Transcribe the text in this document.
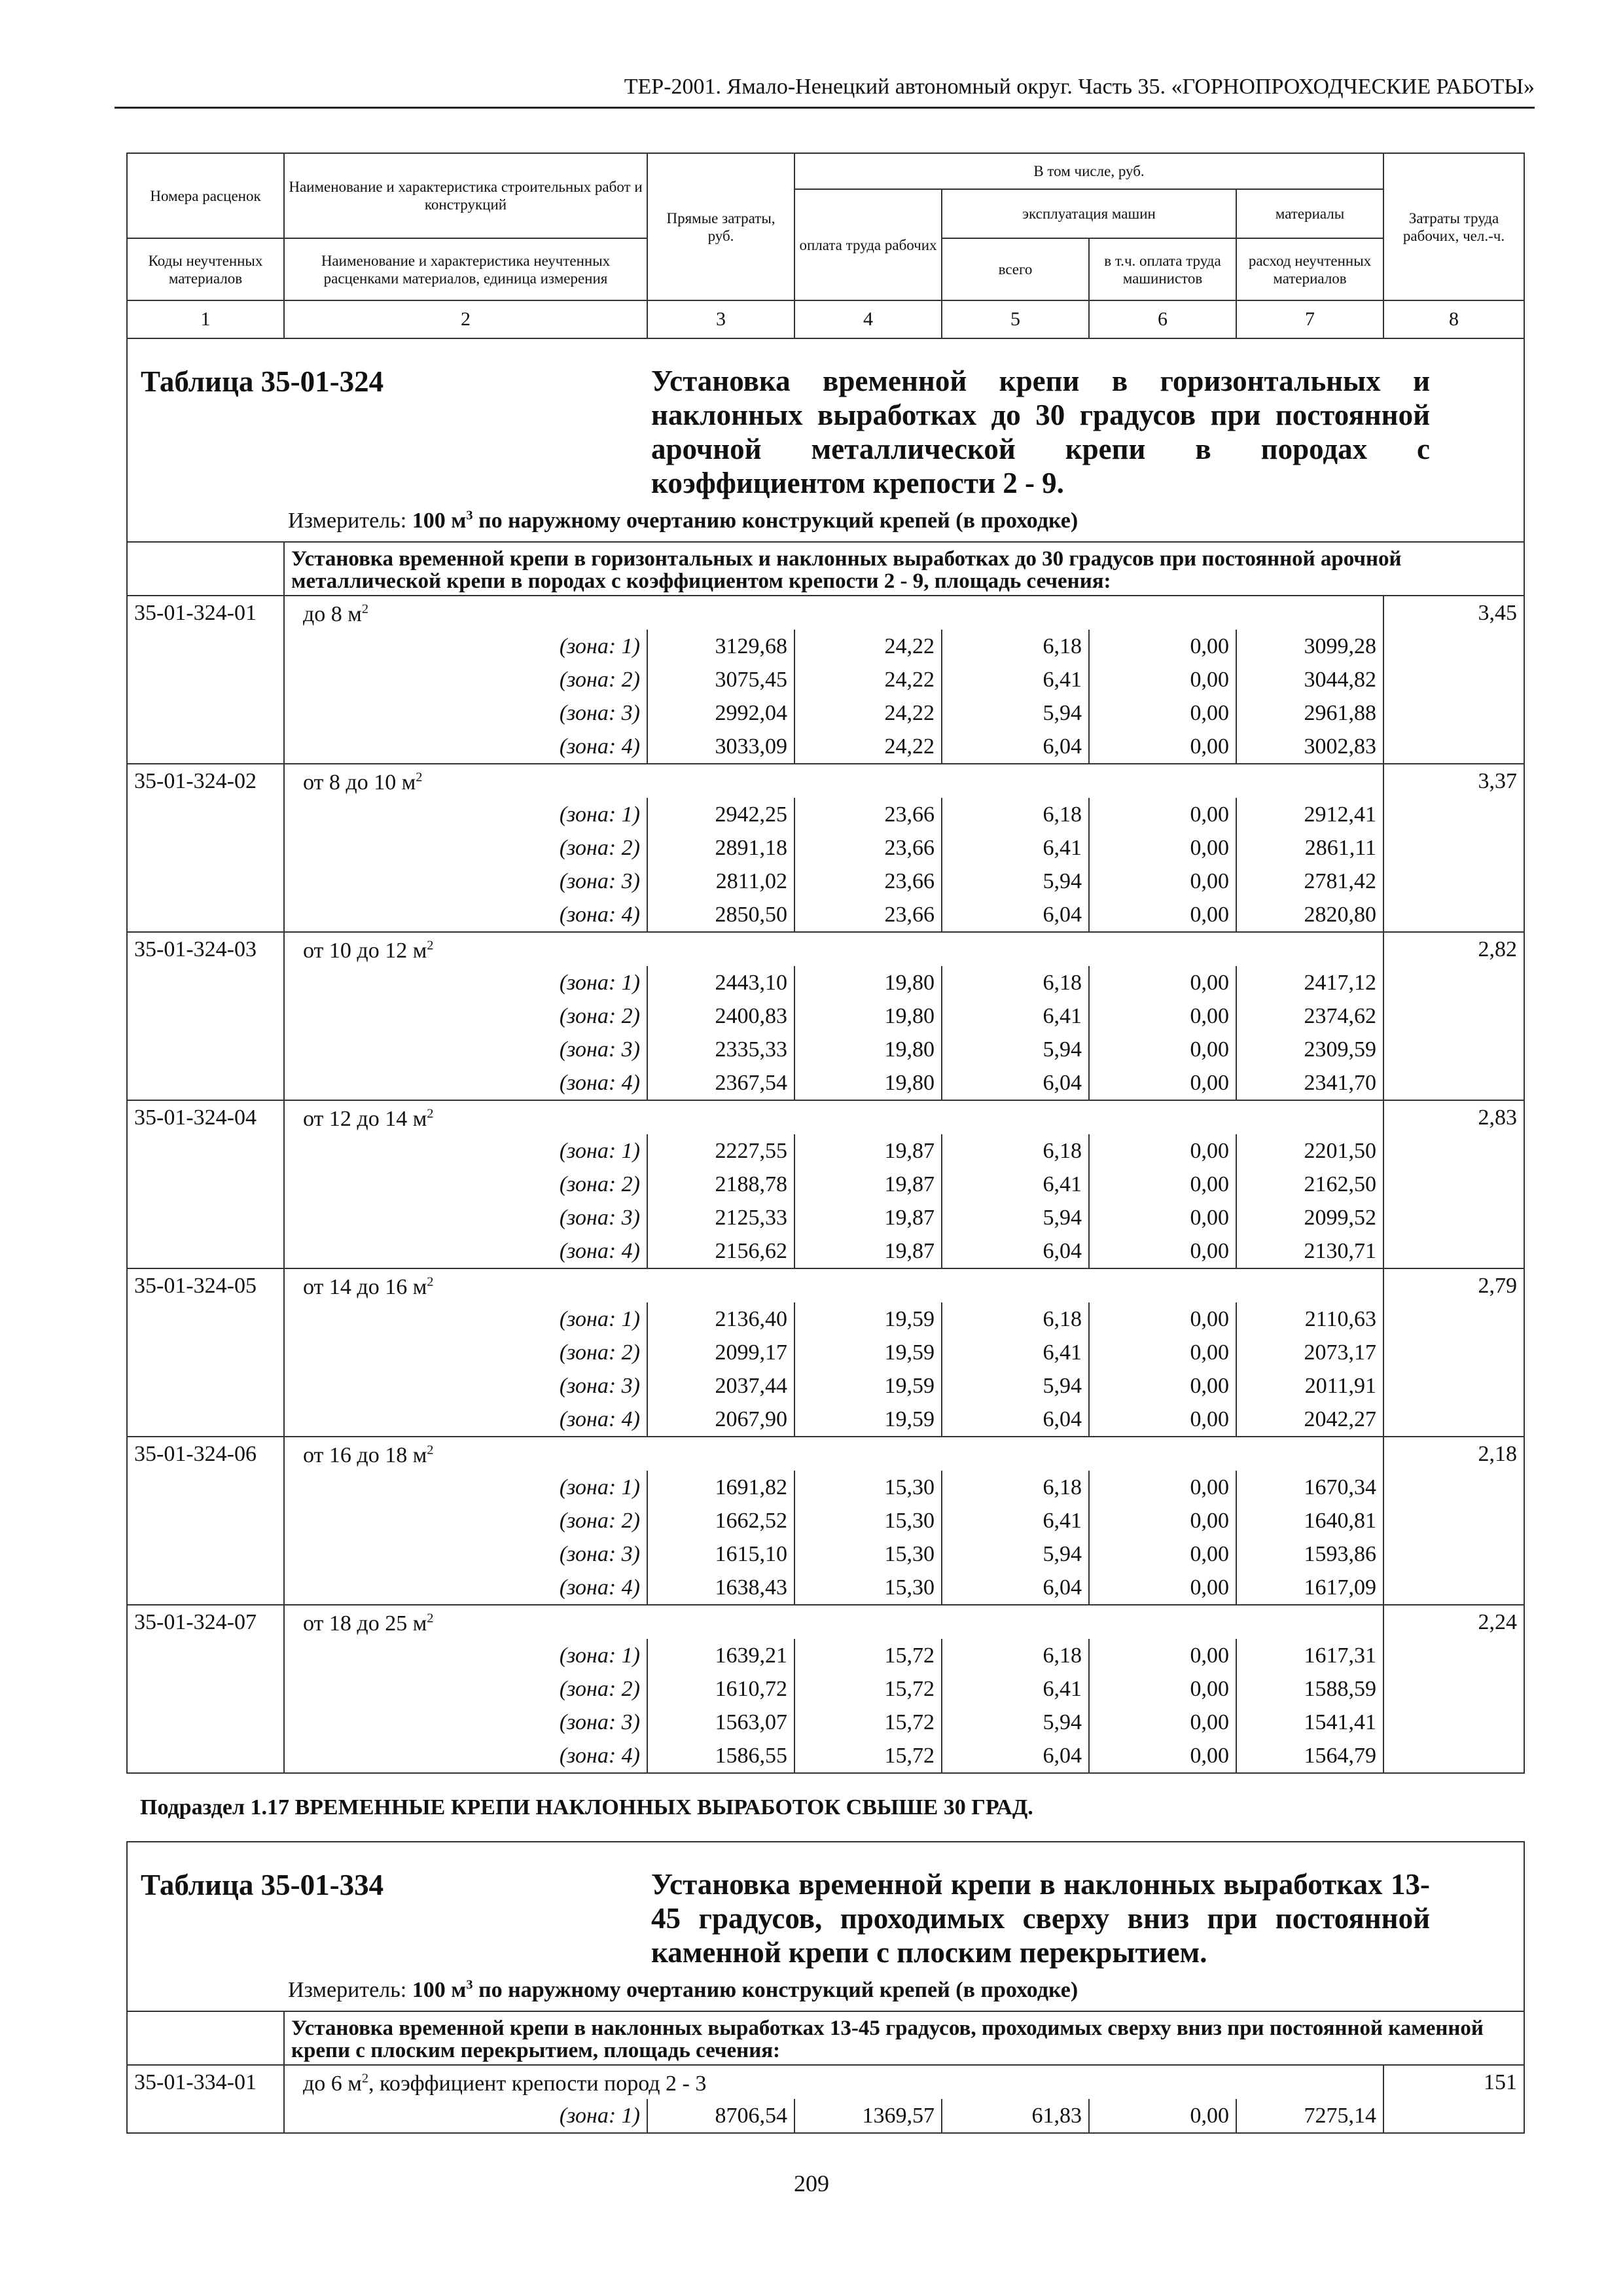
ТЕР-2001. Ямало-Ненецкий автономный округ. Часть 35. «ГОРНОПРОХОДЧЕСКИЕ РАБОТЫ»
Номера расценок	Наименование и характеристика строительных работ и конструкций	Прямые затраты, руб.	В том числе, руб.				Затраты труда рабочих, чел.-ч.
			оплата труда рабочих	эксплуатация машин		материалы	
Коды неучтенных материалов	Наименование и характеристика неучтенных расценками материалов, единица измерения			всего	в т.ч. оплата труда машинистов	расход неучтенных материалов	
1	2	3	4	5	6	7	8

Таблица 35-01-324 Установка временной крепи в горизонтальных и наклонных выработках до 30 градусов при постоянной арочной металлической крепи в породах с коэффициентом крепости 2 - 9.
Измеритель: 100 $м^3$ по наружному очертанию конструкций крепей (в проходке)							

	Установка временной крепи в горизонтальных и наклонных выработках до 30 градусов при постоянной арочной металлической крепи в породах с коэффициентом крепости 2 - 9, площадь сечения:						
35-01-324-01	до 8 $м^2$						3,45
	(зона: 1)	3129,68	24,22	6,18	0,00	3099,28	
	(зона: 2)	3075,45	24,22	6,41	0,00	3044,82	
	(зона: 3)	2992,04	24,22	5,94	0,00	2961,88	
	(зона: 4)	3033,09	24,22	6,04	0,00	3002,83	
35-01-324-02	от 8 до 10 $м^2$						3,37
	(зона: 1)	2942,25	23,66	6,18	0,00	2912,41	
	(зона: 2)	2891,18	23,66	6,41	0,00	2861,11	
	(зона: 3)	2811,02	23,66	5,94	0,00	2781,42	
	(зона: 4)	2850,50	23,66	6,04	0,00	2820,80	
35-01-324-03	от 10 до 12 $м^2$						2,82
	(зона: 1)	2443,10	19,80	6,18	0,00	2417,12	
	(зона: 2)	2400,83	19,80	6,41	0,00	2374,62	
	(зона: 3)	2335,33	19,80	5,94	0,00	2309,59	
	(зона: 4)	2367,54	19,80	6,04	0,00	2341,70	
35-01-324-04	от 12 до 14 $м^2$						2,83
	(зона: 1)	2227,55	19,87	6,18	0,00	2201,50	
	(зона: 2)	2188,78	19,87	6,41	0,00	2162,50	
	(зона: 3)	2125,33	19,87	5,94	0,00	2099,52	
	(зона: 4)	2156,62	19,87	6,04	0,00	2130,71	
35-01-324-05	от 14 до 16 $м^2$						2,79
	(зона: 1)	2136,40	19,59	6,18	0,00	2110,63	
	(зона: 2)	2099,17	19,59	6,41	0,00	2073,17	
	(зона: 3)	2037,44	19,59	5,94	0,00	2011,91	
	(зона: 4)	2067,90	19,59	6,04	0,00	2042,27	
35-01-324-06	от 16 до 18 $м^2$						2,18
	(зона: 1)	1691,82	15,30	6,18	0,00	1670,34	
	(зона: 2)	1662,52	15,30	6,41	0,00	1640,81	
	(зона: 3)	1615,10	15,30	5,94	0,00	1593,86	
	(зона: 4)	1638,43	15,30	6,04	0,00	1617,09	
35-01-324-07	от 18 до 25 $м^2$						2,24
	(зона: 1)	1639,21	15,72	6,18	0,00	1617,31	
	(зона: 2)	1610,72	15,72	6,41	0,00	1588,59	
	(зона: 3)	1563,07	15,72	5,94	0,00	1541,41	
	(зона: 4)	1586,55	15,72	6,04	0,00	1564,79	
Подраздел 1.17 ВРЕМЕННЫЕ КРЕПИ НАКЛОННЫХ ВЫРАБОТОК СВЫШЕ 30 ГРАД.							

Таблица 35-01-334 Установка временной крепи в наклонных выработках 13-45 градусов, проходимых сверху вниз при постоянной каменной крепи с плоским перекрытием.
Измеритель: 100 $м^3$ по наружному очертанию конструкций крепей (в проходке)							

	Установка временной крепи в наклонных выработках 13-45 градусов, проходимых сверху вниз при постоянной каменной крепи с плоским перекрытием, площадь сечения:						
35-01-334-01	до 6 $м^2$, коэффициент крепости пород 2 - 3						151
	(зона: 1)	8706,54	1369,57	61,83	0,00	7275,14	
209
